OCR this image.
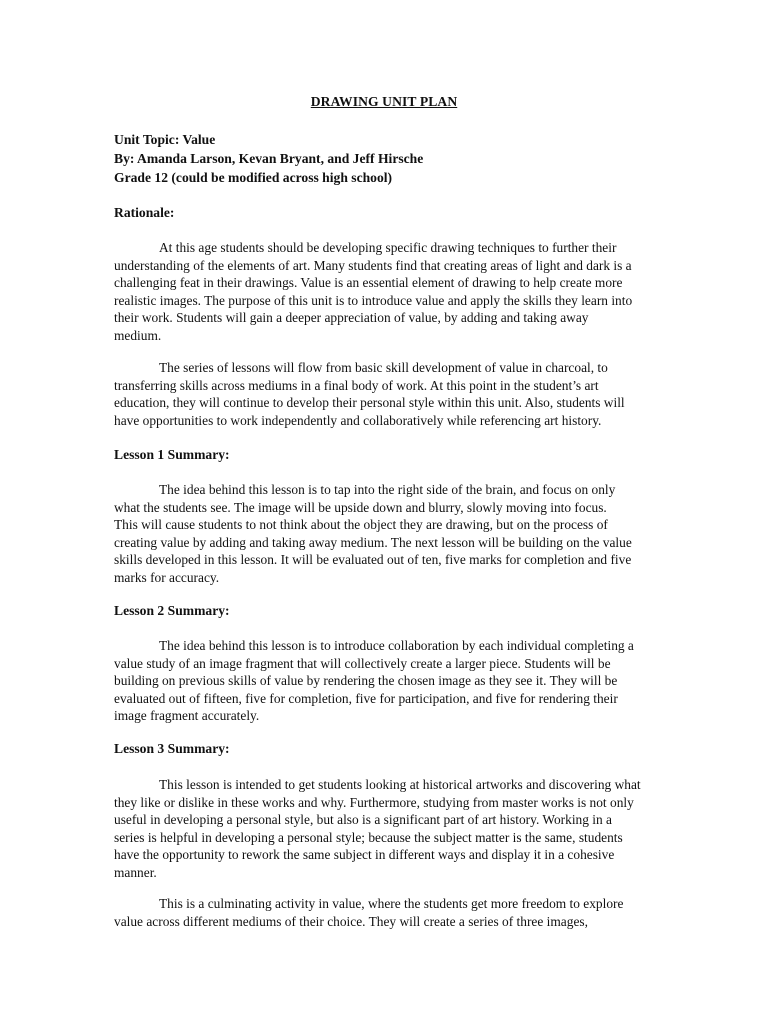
DRAWING UNIT PLAN
Unit Topic: Value
By: Amanda Larson, Kevan Bryant, and Jeff Hirsche
Grade 12 (could be modified across high school)
Rationale:
At this age students should be developing specific drawing techniques to further their
understanding of the elements of art. Many students find that creating areas of light and dark is a
challenging feat in their drawings. Value is an essential element of drawing to help create more
realistic images. The purpose of this unit is to introduce value and apply the skills they learn into
their work. Students will gain a deeper appreciation of value, by adding and taking away
medium.
The series of lessons will flow from basic skill development of value in charcoal, to
transferring skills across mediums in a final body of work. At this point in the student’s art
education, they will continue to develop their personal style within this unit. Also, students will
have opportunities to work independently and collaboratively while referencing art history.
Lesson 1 Summary:
The idea behind this lesson is to tap into the right side of the brain, and focus on only
what the students see. The image will be upside down and blurry, slowly moving into focus.
This will cause students to not think about the object they are drawing, but on the process of
creating value by adding and taking away medium. The next lesson will be building on the value
skills developed in this lesson. It will be evaluated out of ten, five marks for completion and five
marks for accuracy.
Lesson 2 Summary:
The idea behind this lesson is to introduce collaboration by each individual completing a
value study of an image fragment that will collectively create a larger piece. Students will be
building on previous skills of value by rendering the chosen image as they see it. They will be
evaluated out of fifteen, five for completion, five for participation, and five for rendering their
image fragment accurately.
Lesson 3 Summary:
This lesson is intended to get students looking at historical artworks and discovering what
they like or dislike in these works and why. Furthermore, studying from master works is not only
useful in developing a personal style, but also is a significant part of art history. Working in a
series is helpful in developing a personal style; because the subject matter is the same, students
have the opportunity to rework the same subject in different ways and display it in a cohesive
manner.
This is a culminating activity in value, where the students get more freedom to explore
value across different mediums of their choice. They will create a series of three images,
